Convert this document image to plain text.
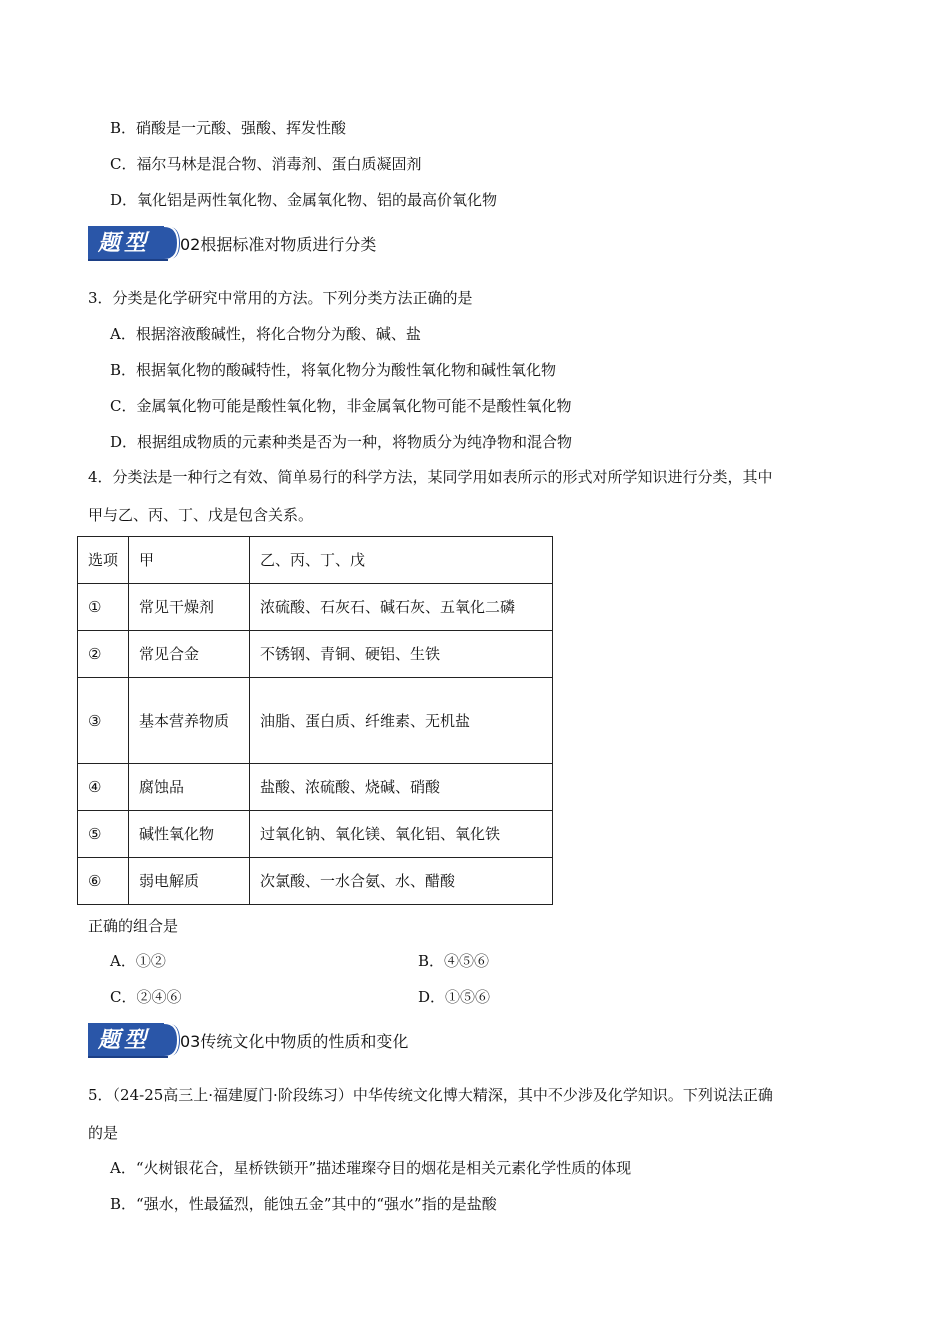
B．硝酸是一元酸、强酸、挥发性酸
C．福尔马林是混合物、消毒剂、蛋白质凝固剂
D．氧化铝是两性氧化物、金属氧化物、铝的最高价氧化物
题型	02根据标准对物质进行分类
3．分类是化学研究中常用的方法。下列分类方法正确的是
A．根据溶液酸碱性，将化合物分为酸、碱、盐
B．根据氧化物的酸碱特性，将氧化物分为酸性氧化物和碱性氧化物
C．金属氧化物可能是酸性氧化物，非金属氧化物可能不是酸性氧化物
D．根据组成物质的元素种类是否为一种，将物质分为纯净物和混合物
4．分类法是一种行之有效、简单易行的科学方法，某同学用如表所示的形式对所学知识进行分类，其中
甲与乙、丙、丁、戊是包含关系。
选项	甲	乙、丙、丁、戊
①	常见干燥剂	浓硫酸、石灰石、碱石灰、五氧化二磷
②	常见合金	不锈钢、青铜、硬铝、生铁
③	基本营养物质	油脂、蛋白质、纤维素、无机盐
④	腐蚀品	盐酸、浓硫酸、烧碱、硝酸
⑤	碱性氧化物	过氧化钠、氧化镁、氧化铝、氧化铁
⑥	弱电解质	次氯酸、一水合氨、水、醋酸
正确的组合是
A．①②	B．④⑤⑥
C．②④⑥	D．①⑤⑥
题型	03传统文化中物质的性质和变化
5．（24-25高三上·福建厦门·阶段练习）中华传统文化博大精深，其中不少涉及化学知识。下列说法正确
的是
A．“火树银花合，星桥铁锁开”描述璀璨夺目的烟花是相关元素化学性质的体现
B．“强水，性最猛烈，能蚀五金”其中的“强水”指的是盐酸
